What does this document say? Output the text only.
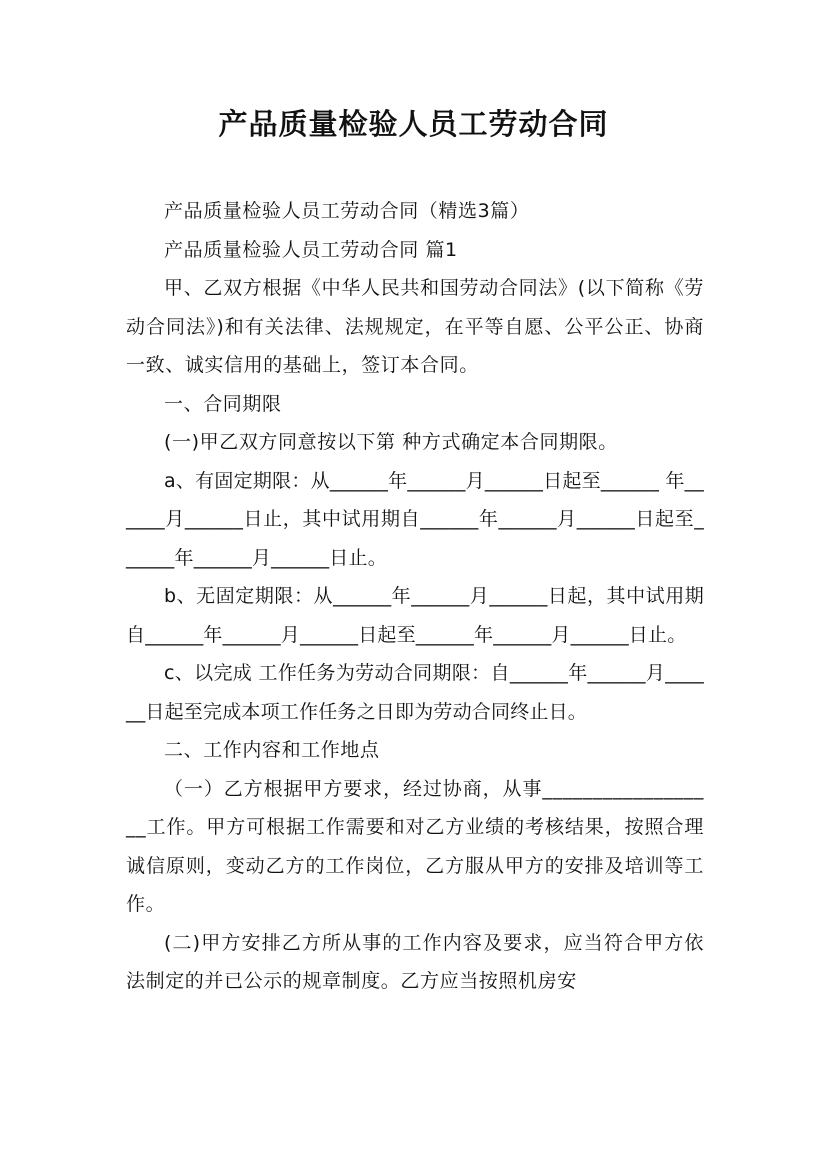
产品质量检验人员工劳动合同

产品质量检验人员工劳动合同（精选3篇）

产品质量检验人员工劳动合同 篇1

甲、乙双方根据《中华人民共和国劳动合同法》(以下简称《劳动合同法》)和有关法律、法规规定，在平等自愿、公平公正、协商一致、诚实信用的基础上，签订本合同。

一、合同期限

(一)甲乙双方同意按以下第 种方式确定本合同期限。

a、有固定期限：从______年______月______日起至______ 年______月______日止，其中试用期自______年______月______日起至______年______月______日止。

b、无固定期限：从______年______月______日起，其中试用期自______年______月______日起至______年______月______日止。

c、以完成 工作任务为劳动合同期限：自______年______月______日起至完成本项工作任务之日即为劳动合同终止日。

二、工作内容和工作地点

（一）乙方根据甲方要求，经过协商，从事__________________工作。甲方可根据工作需要和对乙方业绩的考核结果，按照合理诚信原则，变动乙方的工作岗位，乙方服从甲方的安排及培训等工作。

(二)甲方安排乙方所从事的工作内容及要求，应当符合甲方依法制定的并已公示的规章制度。乙方应当按照机房安
